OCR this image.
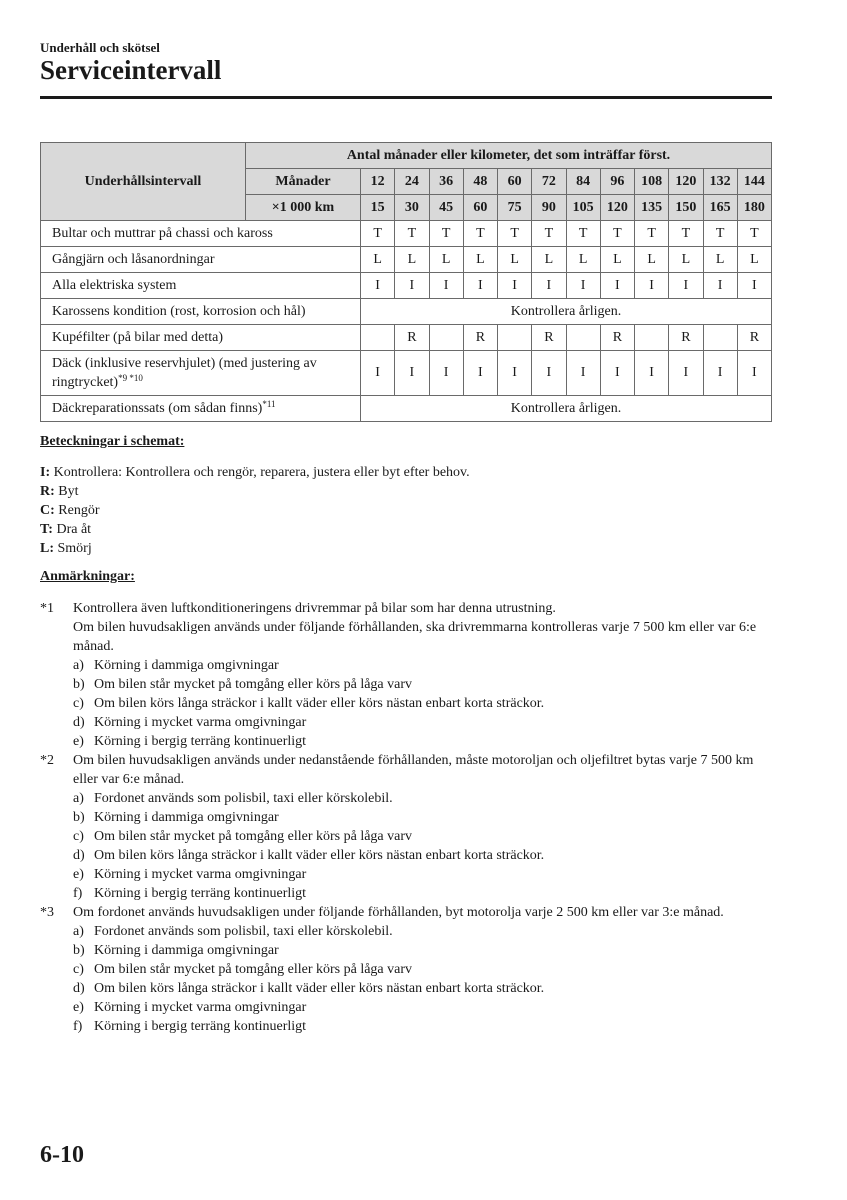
Underhåll och skötsel
Serviceintervall
Underhållsintervall	Antal månader eller kilometer, det som inträffar först.												
	Månader	12	24	36	48	60	72	84	96	108	120	132	144
	×1 000 km	15	30	45	60	75	90	105	120	135	150	165	180
Bultar och muttrar på chassi och kaross		T	T	T	T	T	T	T	T	T	T	T	T
Gångjärn och låsanordningar		L	L	L	L	L	L	L	L	L	L	L	L
Alla elektriska system		I	I	I	I	I	I	I	I	I	I	I	I
Karossens kondition (rost, korrosion och hål)		Kontrollera årligen.											
Kupéfilter (på bilar med detta)			R		R		R		R		R		R
Däck (inklusive reservhjulet) (med justering av ringtrycket)$^{*9 *10}$		I	I	I	I	I	I	I	I	I	I	I	I
Däckreparationssats (om sådan finns)$^{*11}$		Kontrollera årligen.											
Beteckningar i schemat:
I: Kontrollera: Kontrollera och rengör, reparera, justera eller byt efter behov.
R: Byt
C: Rengör
T: Dra åt
L: Smörj
Anmärkningar:
*1 Kontrollera även luftkonditioneringens drivremmar på bilar som har denna utrustning.
Om bilen huvudsakligen används under följande förhållanden, ska drivremmarna kontrolleras varje 7 500 km eller var 6:e månad.
a) Körning i dammiga omgivningar
b) Om bilen står mycket på tomgång eller körs på låga varv
c) Om bilen körs långa sträckor i kallt väder eller körs nästan enbart korta sträckor.
d) Körning i mycket varma omgivningar
e) Körning i bergig terräng kontinuerligt
*2 Om bilen huvudsakligen används under nedanstående förhållanden, måste motoroljan och oljefiltret bytas varje 7 500 km eller var 6:e månad.
a) Fordonet används som polisbil, taxi eller körskolebil.
b) Körning i dammiga omgivningar
c) Om bilen står mycket på tomgång eller körs på låga varv
d) Om bilen körs långa sträckor i kallt väder eller körs nästan enbart korta sträckor.
e) Körning i mycket varma omgivningar
f) Körning i bergig terräng kontinuerligt
*3 Om fordonet används huvudsakligen under följande förhållanden, byt motorolja varje 2 500 km eller var 3:e månad.
a) Fordonet används som polisbil, taxi eller körskolebil.
b) Körning i dammiga omgivningar
c) Om bilen står mycket på tomgång eller körs på låga varv
d) Om bilen körs långa sträckor i kallt väder eller körs nästan enbart korta sträckor.
e) Körning i mycket varma omgivningar
f) Körning i bergig terräng kontinuerligt
6-10
